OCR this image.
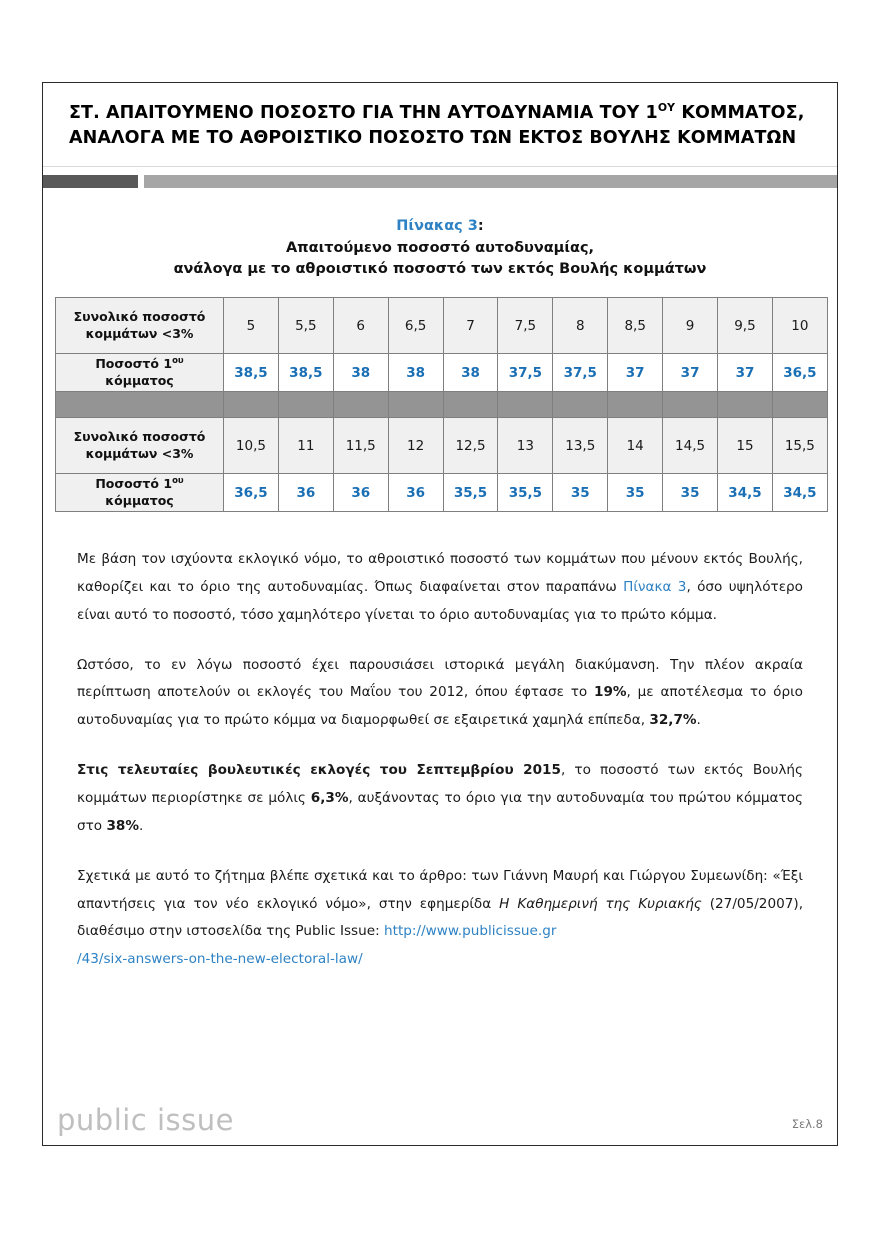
ΣΤ. ΑΠΑΙΤΟΥΜΕΝΟ ΠΟΣΟΣΤΟ ΓΙΑ ΤΗΝ ΑΥΤΟΔΥΝΑΜΙΑ ΤΟΥ $1^{O\Upsilon}$ ΚΟΜΜΑΤΟΣ,
ΑΝΑΛΟΓΑ ΜΕ ΤΟ ΑΘΡΟΙΣΤΙΚΟ ΠΟΣΟΣΤΟ ΤΩΝ ΕΚΤΟΣ ΒΟΥΛΗΣ ΚΟΜΜΑΤΩΝ
Πίνακας 3:
Απαιτούμενο ποσοστό αυτοδυναμίας,
ανάλογα με το αθροιστικό ποσοστό των εκτός Βουλής κομμάτων
Συνολικό ποσοστό
κομμάτων <3%	5	5,5	6	6,5	7	7,5	8	8,5	9	9,5	10
Ποσοστό $1^{o\upsilon}$ κόμματος	38,5	38,5	38	38	38	37,5	37,5	37	37	37	36,5

Συνολικό ποσοστό
κομμάτων <3%	10,5	11	11,5	12	12,5	13	13,5	14	14,5	15	15,5
Ποσοστό $1^{o\upsilon}$ κόμματος	36,5	36	36	36	35,5	35,5	35	35	35	34,5	34,5

Με βάση τον ισχύοντα εκλογικό νόμο, το αθροιστικό ποσοστό των κομμάτων που μένουν εκτός Βουλής, καθορίζει και το όριο της αυτοδυναμίας. Όπως διαφαίνεται στον παραπάνω Πίνακα 3, όσο υψηλότερο είναι αυτό το ποσοστό, τόσο χαμηλότερο γίνεται το όριο αυτοδυναμίας για το πρώτο κόμμα.

Ωστόσο, το εν λόγω ποσοστό έχει παρουσιάσει ιστορικά μεγάλη διακύμανση. Την πλέον ακραία περίπτωση αποτελούν οι εκλογές του Μαΐου του 2012, όπου έφτασε το 19%, με αποτέλεσμα το όριο αυτοδυναμίας για το πρώτο κόμμα να διαμορφωθεί σε εξαιρετικά χαμηλά επίπεδα, 32,7%.

Στις τελευταίες βουλευτικές εκλογές του Σεπτεμβρίου 2015, το ποσοστό των εκτός Βουλής κομμάτων περιορίστηκε σε μόλις 6,3%, αυξάνοντας το όριο για την αυτοδυναμία του πρώτου κόμματος στο 38%.

Σχετικά με αυτό το ζήτημα βλέπε σχετικά και το άρθρο: των Γιάννη Μαυρή και Γιώργου Συμεωνίδη: «Έξι απαντήσεις για τον νέο εκλογικό νόμο», στην εφημερίδα Η Καθημερινή της Κυριακής (27/05/2007), διαθέσιμο στην ιστοσελίδα της Public Issue: http://www.publicissue.gr
/43/six-answers-on-the-new-electoral-law/

public issue	Σελ.8
